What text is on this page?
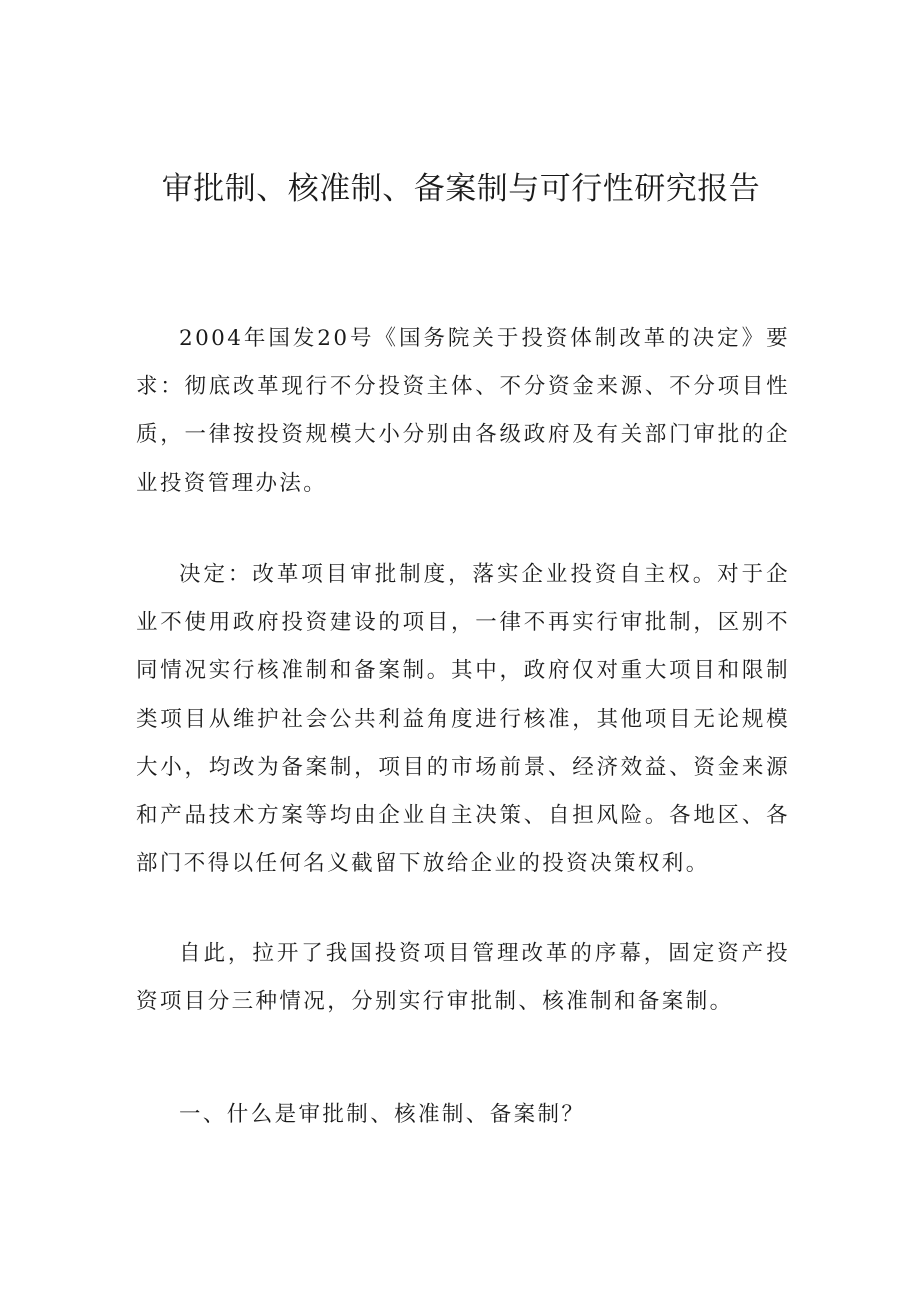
审批制、核准制、备案制与可行性研究报告

2004年国发20号《国务院关于投资体制改革的决定》要求：彻底改革现行不分投资主体、不分资金来源、不分项目性质，一律按投资规模大小分别由各级政府及有关部门审批的企业投资管理办法。

决定：改革项目审批制度，落实企业投资自主权。对于企业不使用政府投资建设的项目，一律不再实行审批制，区别不同情况实行核准制和备案制。其中，政府仅对重大项目和限制类项目从维护社会公共利益角度进行核准，其他项目无论规模大小，均改为备案制，项目的市场前景、经济效益、资金来源和产品技术方案等均由企业自主决策、自担风险。各地区、各部门不得以任何名义截留下放给企业的投资决策权利。

自此，拉开了我国投资项目管理改革的序幕，固定资产投资项目分三种情况，分别实行审批制、核准制和备案制。

一、什么是审批制、核准制、备案制？
